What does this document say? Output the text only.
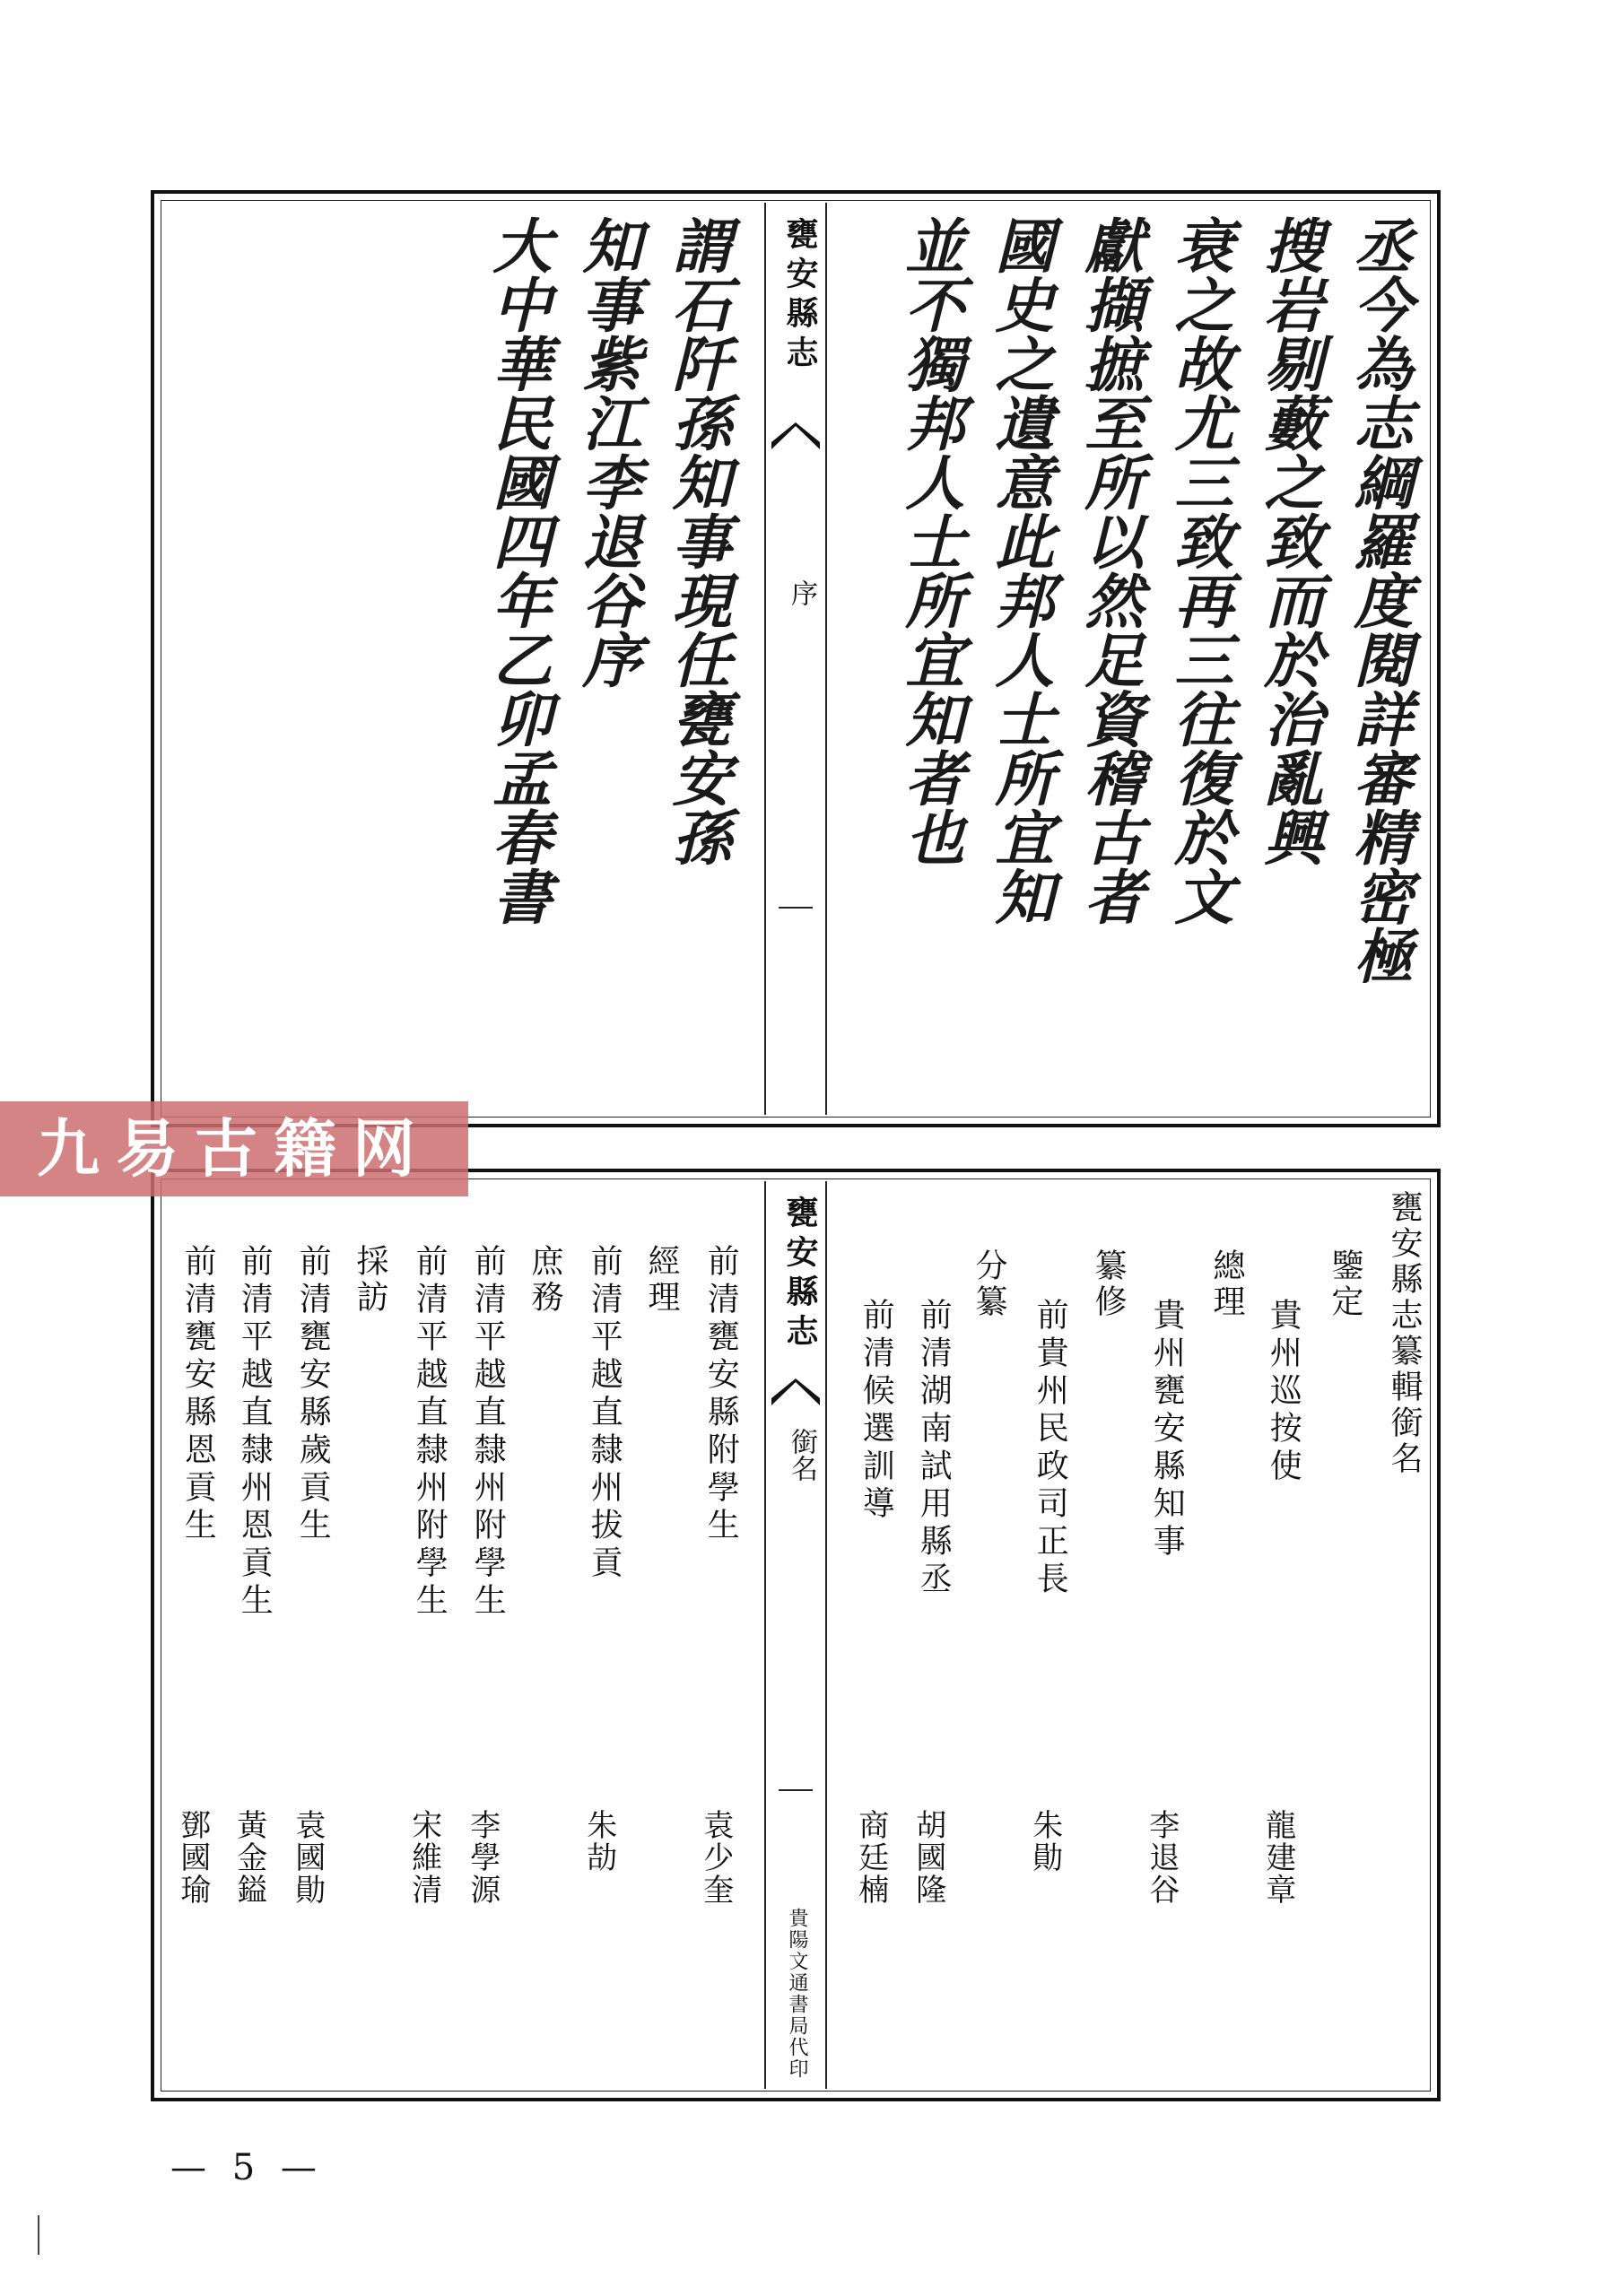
丞今為志綱羅度閱詳審精密極
搜岩剔藪之致而於治亂興
衰之故尤三致再三往復於文
獻擷摭至所以然足資稽古者
國史之遺意此邦人士所宜知
並不獨邦人士所宜知者也
甕安縣志
序
謂石阡孫知事現任甕安孫
知事紫江李退谷序
大中華民國四年乙卯孟春書
甕安縣志纂輯銜名
鑒定
貴州巡按使
龍建章
總理
貴州甕安縣知事
李退谷
纂修
前貴州民政司正長
朱勛
分纂
前清湖南試用縣丞
胡國隆
前清候選訓導
商廷楠
甕安縣志
銜名
貴陽文通書局代印
前清甕安縣附學生
袁少奎
經理
前清平越直隸州拔貢
朱劼
庶務
前清平越直隸州附學生
李學源
前清平越直隸州附學生
宋維清
採訪
前清甕安縣歲貢生
袁國勛
前清平越直隸州恩貢生
黃金鎰
前清甕安縣恩貢生
鄧國瑜
九易古籍网
— 5 —
